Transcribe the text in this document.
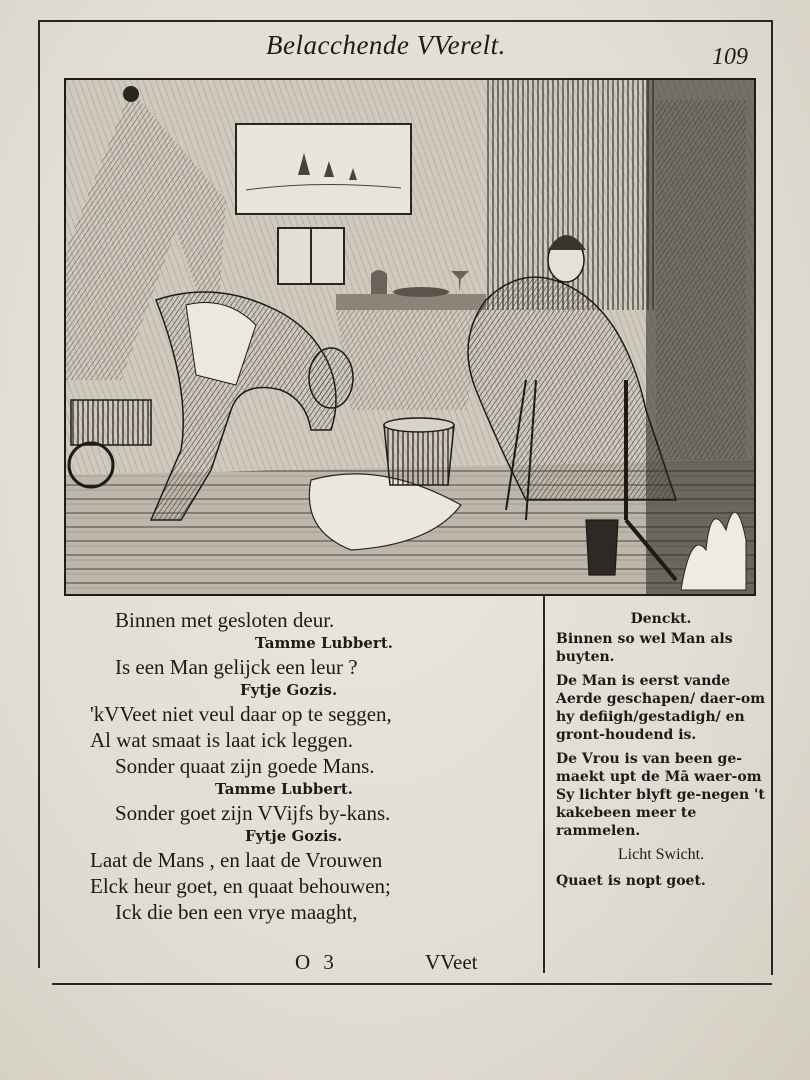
Belacchende VVerelt.	109
Binnen met gesloten deur.
Tamme Lubbert.
Is een Man gelijck een leur ?
Fytje Gozis.
'kVVeet niet veul daar op te seggen,
Al wat smaat is laat ick leggen.
Sonder quaat zijn goede Mans.
Tamme Lubbert.
Sonder goet zijn VVijfs by-kans.
Fytje Gozis.
Laat de Mans , en laat de Vrouwen
Elck heur goet, en quaat behouwen;
Ick die ben een vrye maaght,
Denckt.
Binnen so wel Man als buyten.
De Man is eerst vande Aerde geschapen/ daer-om hy defiigh/gestadigh/ en gront-houdend is.
De Vrou is van been ge-maekt upt de Mā waer-om Sy lichter blyft ge-negen 't kakebeen meer te rammelen.
Licht Swicht.
Quaet is nopt goet.
O 3	VVeet
